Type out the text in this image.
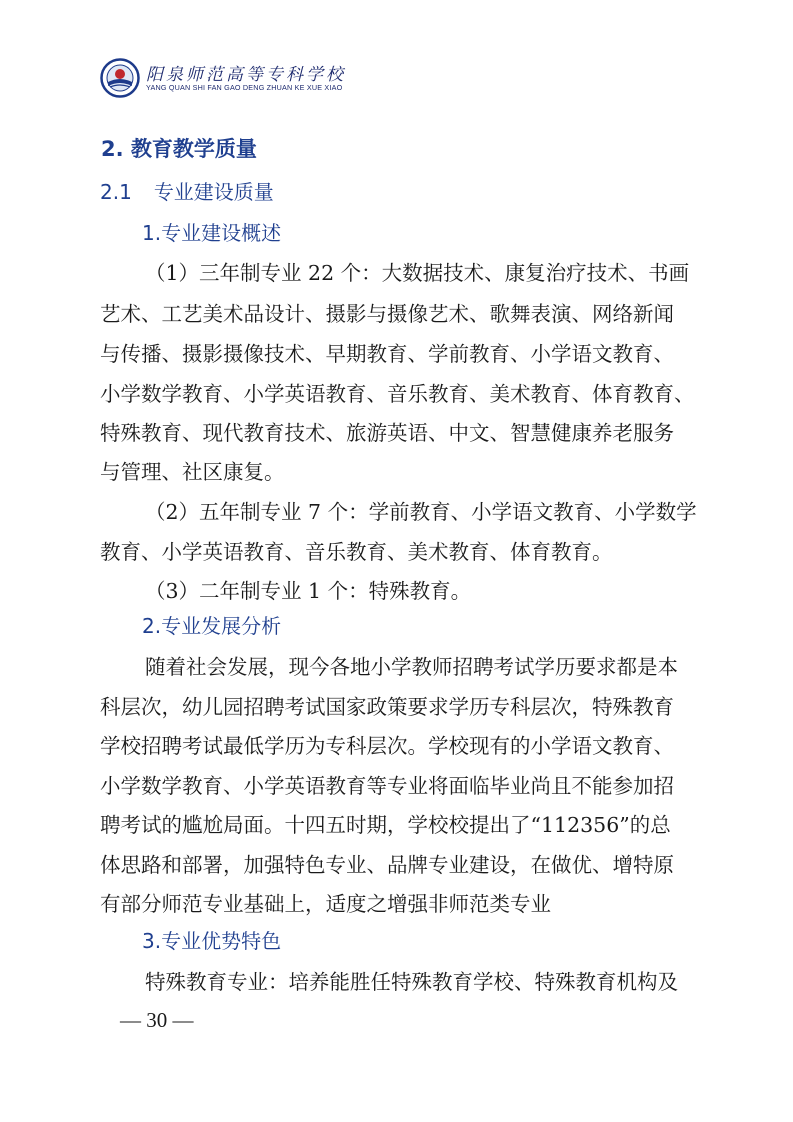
阳泉师范高等专科学校
YANG QUAN SHI FAN GAO DENG ZHUAN KE XUE XIAO
2. 教育教学质量
2.1 专业建设质量
1.专业建设概述
（1）三年制专业 22 个：大数据技术、康复治疗技术、书画
艺术、工艺美术品设计、摄影与摄像艺术、歌舞表演、网络新闻
与传播、摄影摄像技术、早期教育、学前教育、小学语文教育、
小学数学教育、小学英语教育、音乐教育、美术教育、体育教育、
特殊教育、现代教育技术、旅游英语、中文、智慧健康养老服务
与管理、社区康复。
（2）五年制专业 7 个：学前教育、小学语文教育、小学数学
教育、小学英语教育、音乐教育、美术教育、体育教育。
（3）二年制专业 1 个：特殊教育。
2.专业发展分析
随着社会发展，现今各地小学教师招聘考试学历要求都是本
科层次，幼儿园招聘考试国家政策要求学历专科层次，特殊教育
学校招聘考试最低学历为专科层次。学校现有的小学语文教育、
小学数学教育、小学英语教育等专业将面临毕业尚且不能参加招
聘考试的尴尬局面。十四五时期，学校校提出了“112356”的总
体思路和部署，加强特色专业、品牌专业建设，在做优、增特原
有部分师范专业基础上，适度之增强非师范类专业
3.专业优势特色
特殊教育专业：培养能胜任特殊教育学校、特殊教育机构及
— 30 —
